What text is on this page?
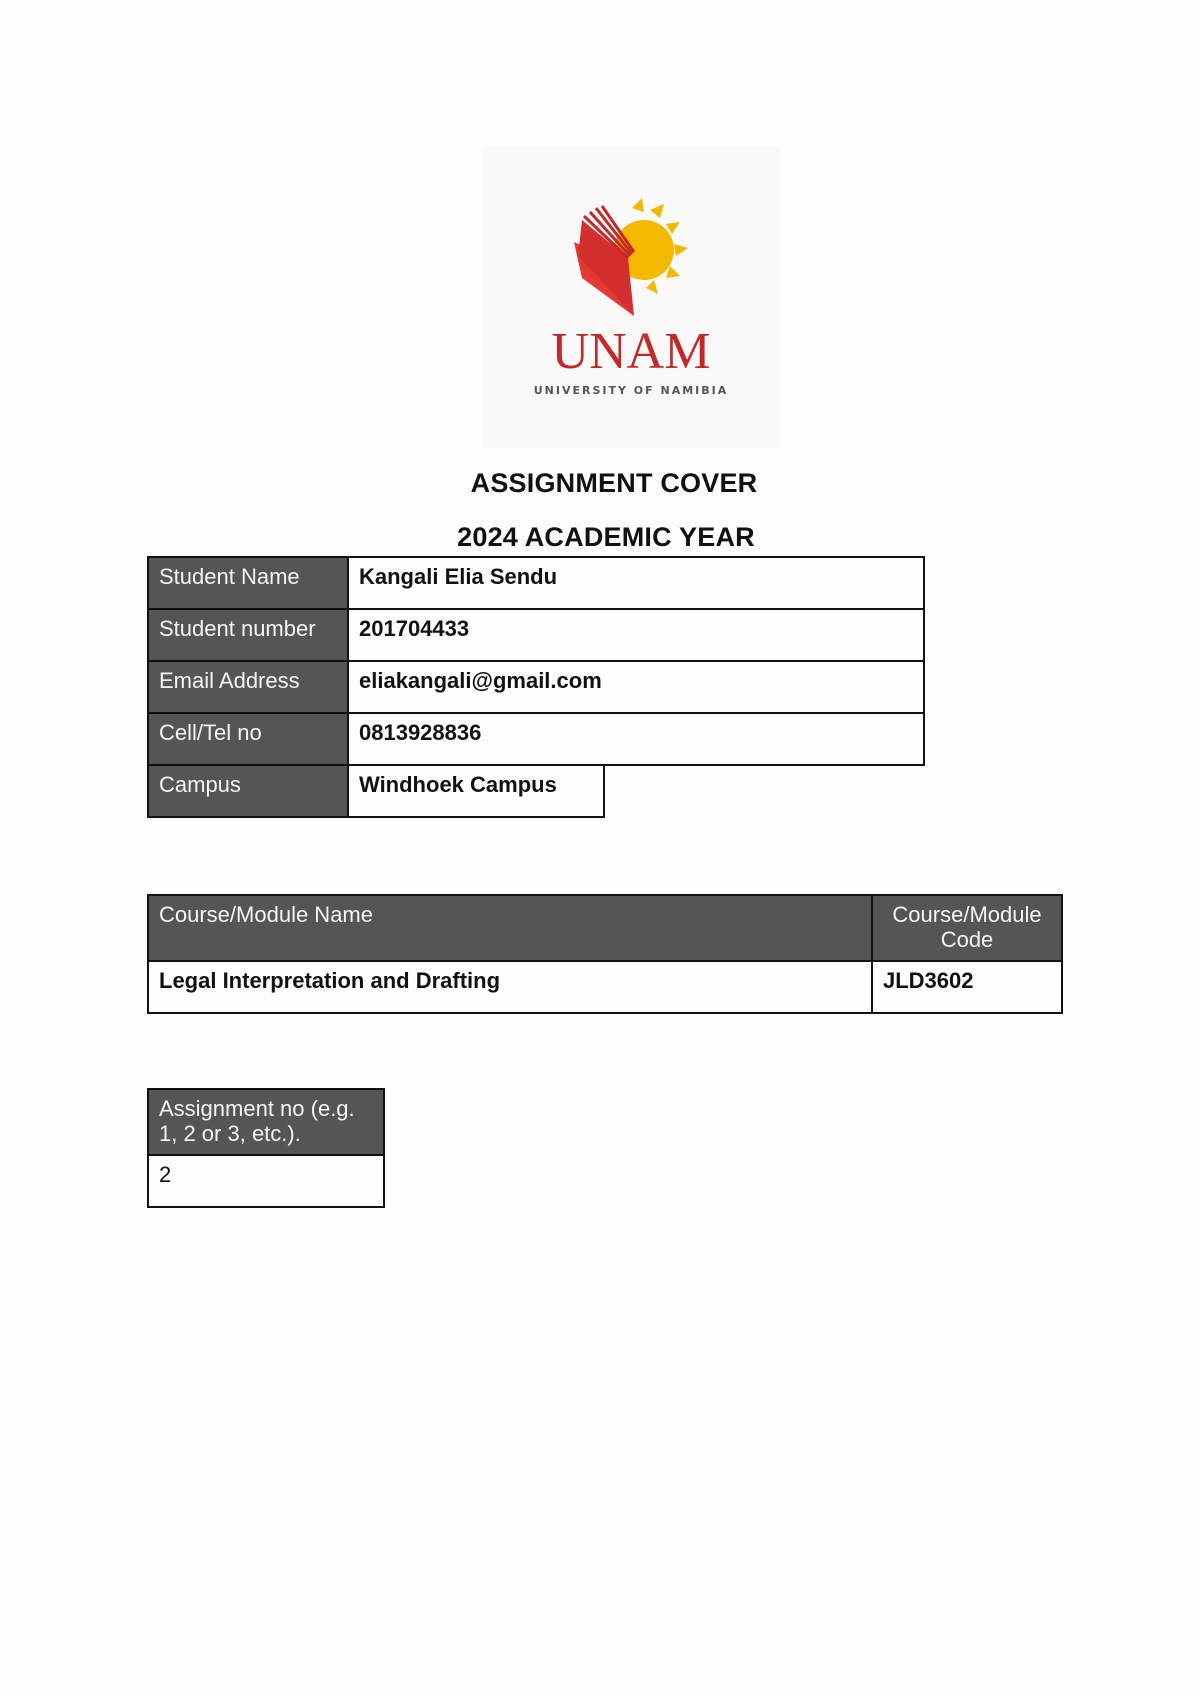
UNAM
UNIVERSITY OF NAMIBIA
ASSIGNMENT COVER
2024 ACADEMIC YEAR
Student Name	Kangali Elia Sendu
Student number	201704433
Email Address	eliakangali@gmail.com
Cell/Tel no	0813928836
Campus	Windhoek Campus
Course/Module Name	Course/Module
Code
Legal Interpretation and Drafting	JLD3602
Assignment no (e.g.
1, 2 or 3, etc.).
2
